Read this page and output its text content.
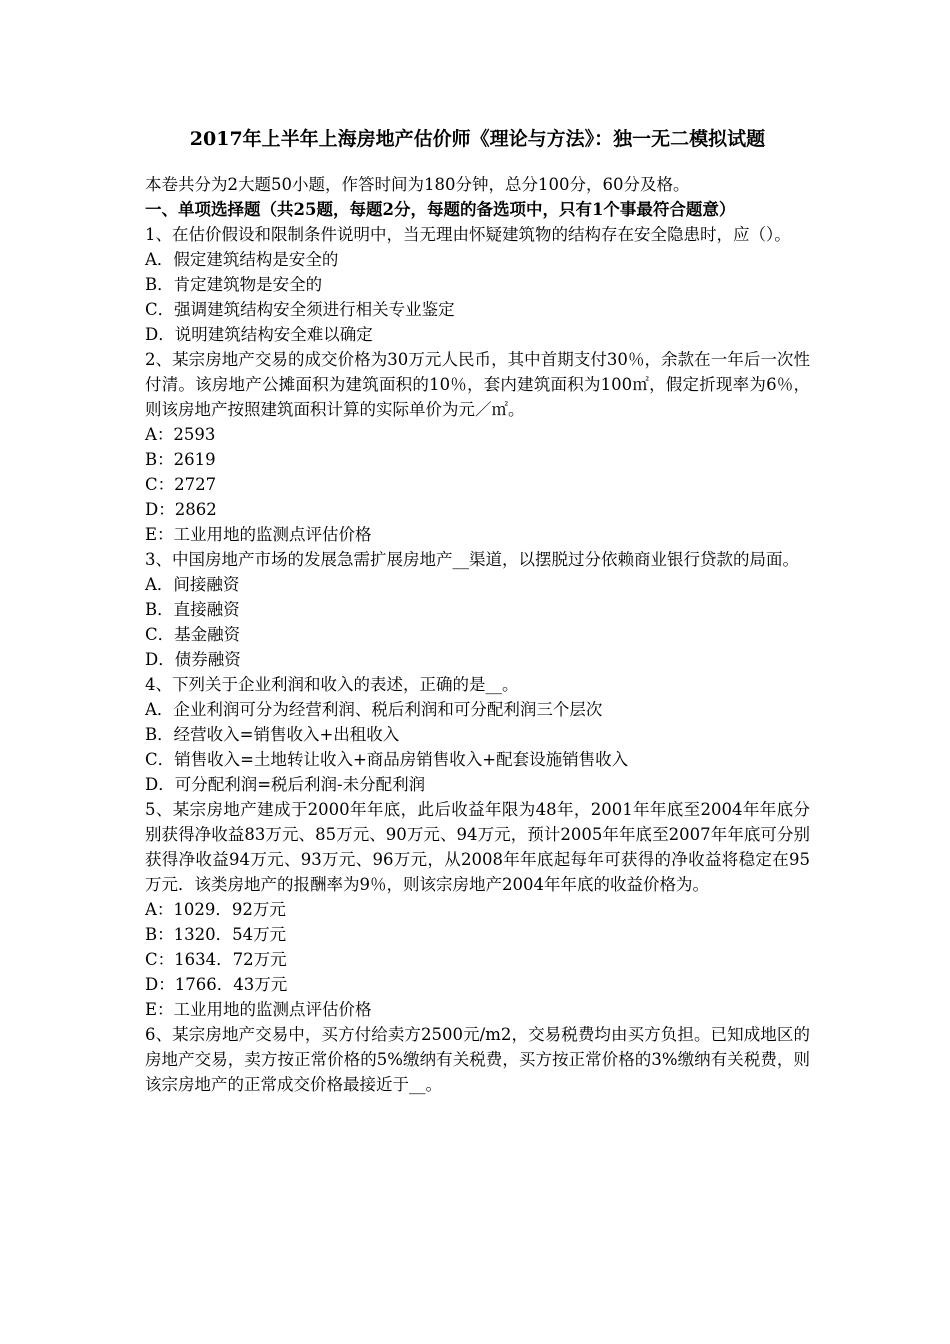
2017年上半年上海房地产估价师《理论与方法》：独一无二模拟试题

本卷共分为2大题50小题，作答时间为180分钟，总分100分，60分及格。

一、单项选择题（共25题，每题2分，每题的备选项中，只有1个事最符合题意）

1、在估价假设和限制条件说明中，当无理由怀疑建筑物的结构存在安全隐患时，应（）。

A．假定建筑结构是安全的

B．肯定建筑物是安全的

C．强调建筑结构安全须进行相关专业鉴定

D．说明建筑结构安全难以确定

2、某宗房地产交易的成交价格为30万元人民币，其中首期支付30％，余款在一年后一次性付清。该房地产公摊面积为建筑面积的10％，套内建筑面积为100㎡，假定折现率为6％，则该房地产按照建筑面积计算的实际单价为元／㎡。

A：2593

B：2619

C：2727

D：2862

E：工业用地的监测点评估价格

3、中国房地产市场的发展急需扩展房地产__渠道，以摆脱过分依赖商业银行贷款的局面。

A．间接融资

B．直接融资

C．基金融资

D．债券融资

4、下列关于企业利润和收入的表述，正确的是__。

A．企业利润可分为经营利润、税后利润和可分配利润三个层次

B．经营收入=销售收入+出租收入

C．销售收入=土地转让收入+商品房销售收入+配套设施销售收入

D．可分配利润=税后利润-未分配利润

5、某宗房地产建成于2000年年底，此后收益年限为48年，2001年年底至2004年年底分别获得净收益83万元、85万元、90万元、94万元，预计2005年年底至2007年年底可分别获得净收益94万元、93万元、96万元，从2008年年底起每年可获得的净收益将稳定在95万元．该类房地产的报酬率为9％，则该宗房地产2004年年底的收益价格为。

A：1029．92万元

B：1320．54万元

C：1634．72万元

D：1766．43万元

E：工业用地的监测点评估价格

6、某宗房地产交易中，买方付给卖方2500元/m2，交易税费均由买方负担。已知成地区的房地产交易，卖方按正常价格的5%缴纳有关税费，买方按正常价格的3%缴纳有关税费，则该宗房地产的正常成交价格最接近于__。
